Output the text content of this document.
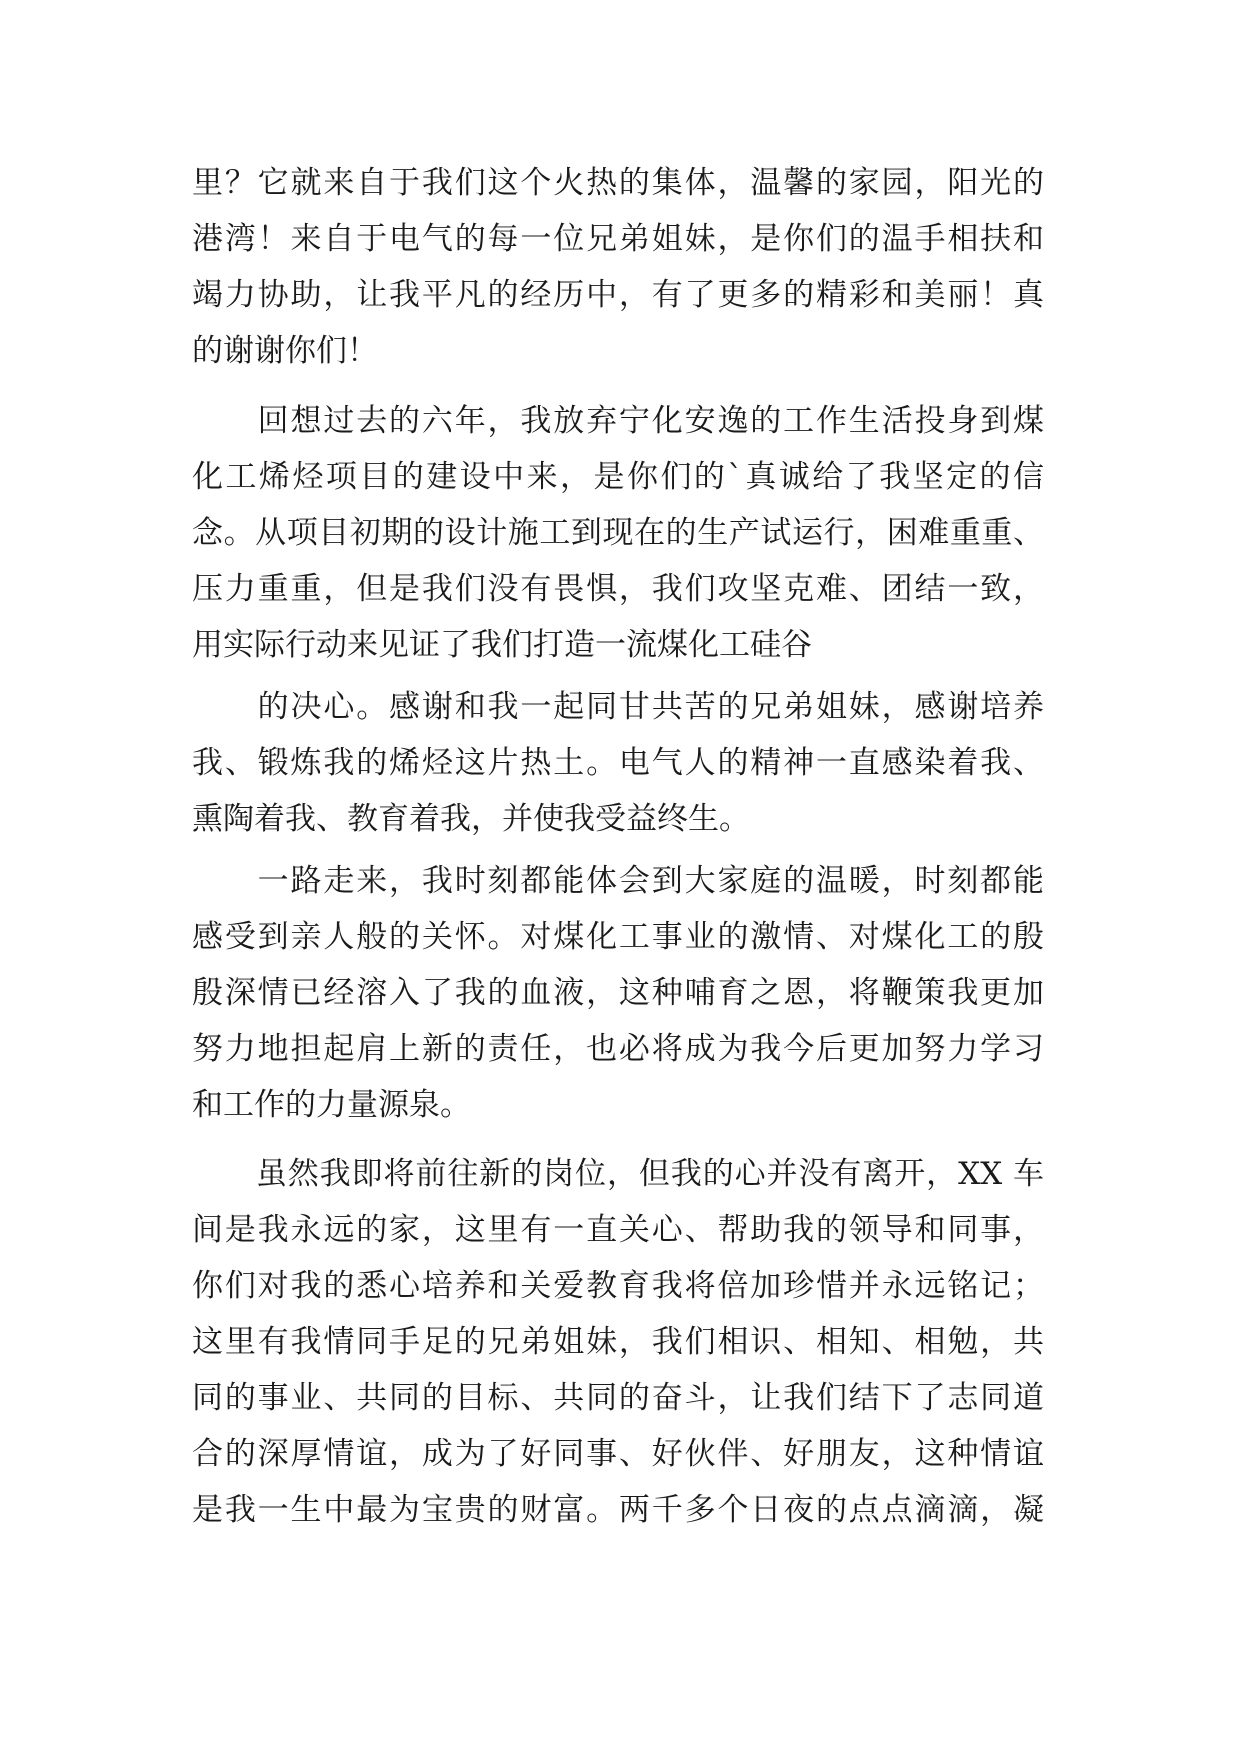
里？它就来自于我们这个火热的集体，温馨的家园，阳光的

港湾！来自于电气的每一位兄弟姐妹，是你们的温手相扶和

竭力协助，让我平凡的经历中，有了更多的精彩和美丽！真

的谢谢你们！

　　回想过去的六年，我放弃宁化安逸的工作生活投身到煤

化工烯烃项目的建设中来，是你们的`真诚给了我坚定的信

念。从项目初期的设计施工到现在的生产试运行，困难重重、

压力重重，但是我们没有畏惧，我们攻坚克难、团结一致，

用实际行动来见证了我们打造一流煤化工硅谷

　　的决心。感谢和我一起同甘共苦的兄弟姐妹，感谢培养

我、锻炼我的烯烃这片热土。电气人的精神一直感染着我、

熏陶着我、教育着我，并使我受益终生。

　　一路走来，我时刻都能体会到大家庭的温暖，时刻都能

感受到亲人般的关怀。对煤化工事业的激情、对煤化工的殷

殷深情已经溶入了我的血液，这种哺育之恩，将鞭策我更加

努力地担起肩上新的责任，也必将成为我今后更加努力学习

和工作的力量源泉。

　　虽然我即将前往新的岗位，但我的心并没有离开，XX 车

间是我永远的家，这里有一直关心、帮助我的领导和同事，

你们对我的悉心培养和关爱教育我将倍加珍惜并永远铭记；

这里有我情同手足的兄弟姐妹，我们相识、相知、相勉，共

同的事业、共同的目标、共同的奋斗，让我们结下了志同道

合的深厚情谊，成为了好同事、好伙伴、好朋友，这种情谊

是我一生中最为宝贵的财富。两千多个日夜的点点滴滴，凝
